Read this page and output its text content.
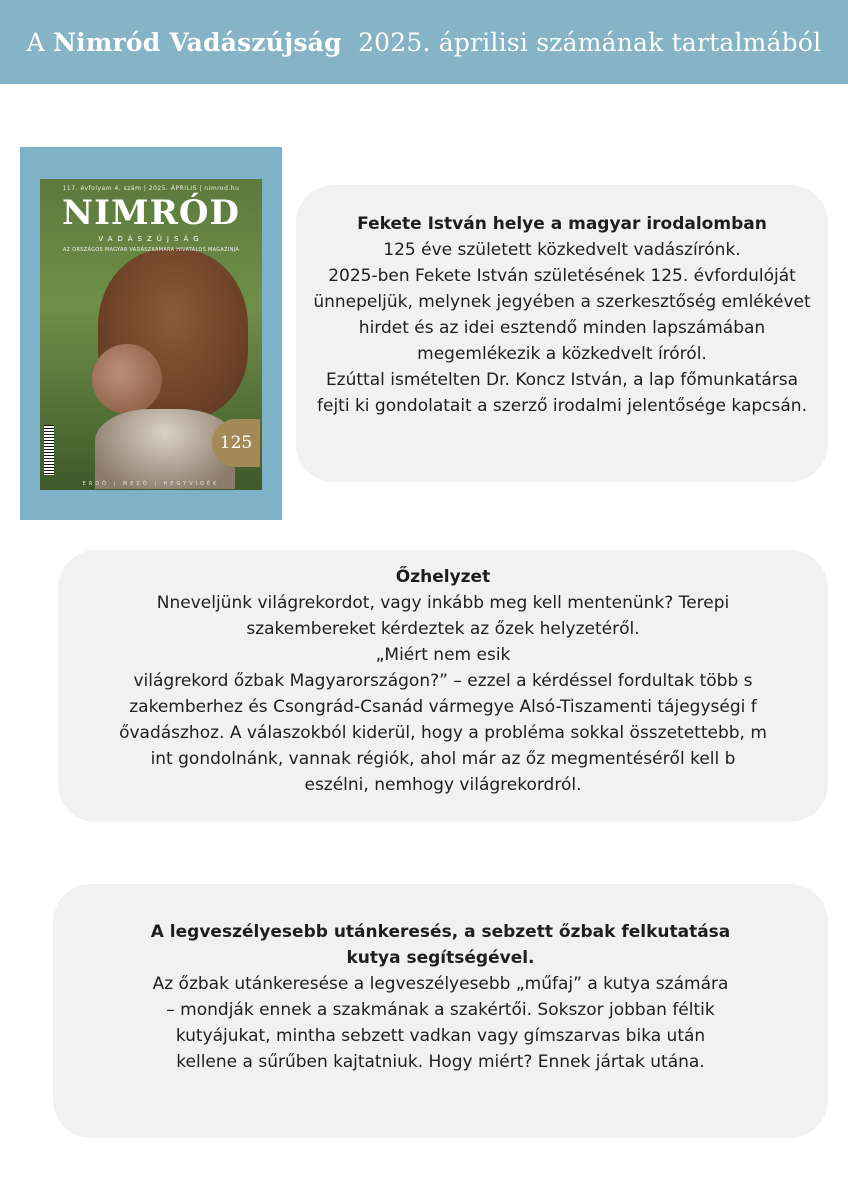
A
Nimród Vadászújság
2025. áprilisi számának tartalmából
117. évfolyam 4. szám | 2025. ÁPRILIS | nimrod.hu
NIMRÓD
VADÁSZÚJSÁG
AZ ORSZÁGOS MAGYAR VADÁSZKAMARA HIVATALOS MAGAZINJA
125
ERDŐ | MEZŐ | HEGYVIDÉK
Fekete István helye a magyar irodalomban
125 éve született közkedvelt vadászírónk.
2025-ben Fekete István születésének 125. évfordulóját
ünnepeljük, melynek jegyében a szerkesztőség emlékévet
hirdet és az idei esztendő minden lapszámában
megemlékezik a közkedvelt íróról.
Ezúttal ismételten Dr. Koncz István, a lap főmunkatársa
fejti ki gondolatait a szerző irodalmi jelentősége kapcsán.
Őzhelyzet
Nneveljünk világrekordot, vagy inkább meg kell mentenünk? Terepi
szakembereket kérdeztek az őzek helyzetéről.
„Miért nem esik
világrekord őzbak Magyarországon?” – ezzel a kérdéssel fordultak több s
zakemberhez és Csongrád-Csanád vármegye Alsó-Tiszamenti tájegységi f
ővadászhoz. A válaszokból kiderül, hogy a probléma sokkal összetettebb, m
int gondolnánk, vannak régiók, ahol már az őz megmentéséről kell b
eszélni, nemhogy világrekordról.
A legveszélyesebb utánkeresés, a sebzett őzbak felkutatása
kutya segítségével.
Az őzbak utánkeresése a legveszélyesebb „műfaj” a kutya számára
– mondják ennek a szakmának a szakértői. Sokszor jobban féltik
kutyájukat, mintha sebzett vadkan vagy gímszarvas bika után
kellene a sűrűben kajtatniuk. Hogy miért? Ennek jártak utána.
